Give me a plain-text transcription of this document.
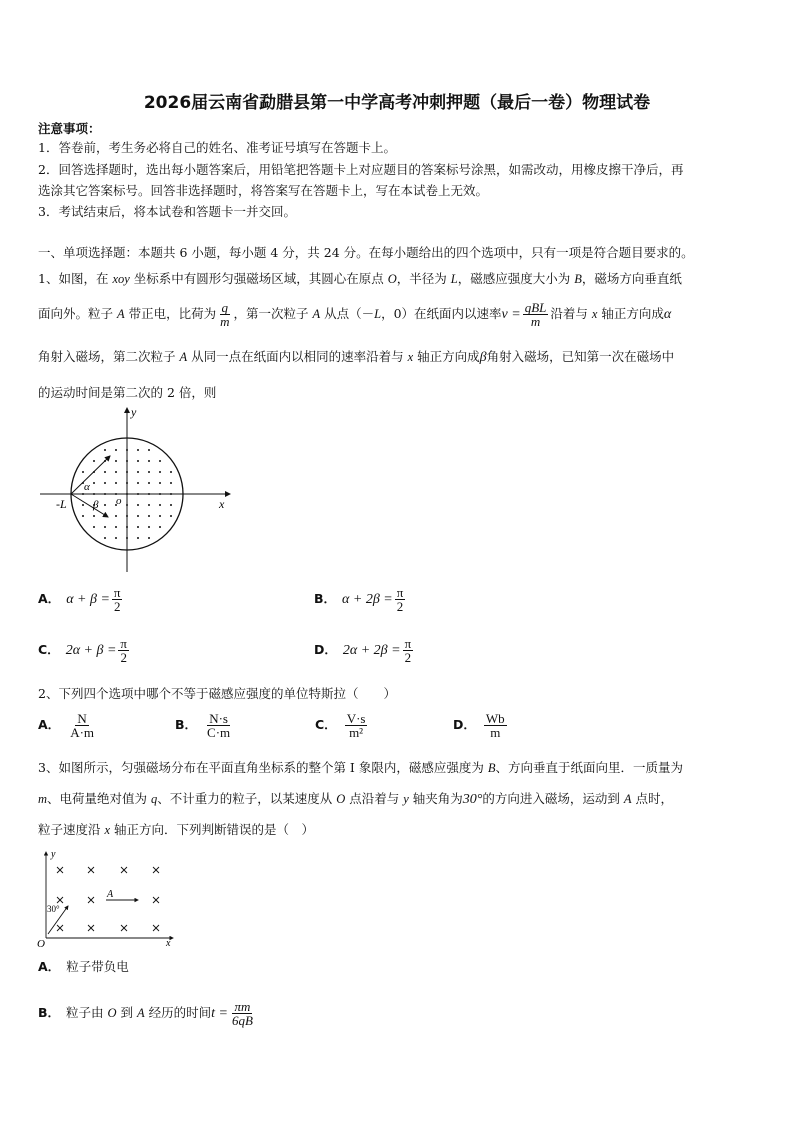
2026届云南省勐腊县第一中学高考冲刺押题（最后一卷）物理试卷
注意事项：
1．答卷前，考生务必将自己的姓名、准考证号填写在答题卡上。
2．回答选择题时，选出每小题答案后，用铅笔把答题卡上对应题目的答案标号涂黑，如需改动，用橡皮擦干净后，再
选涂其它答案标号。回答非选择题时，将答案写在答题卡上，写在本试卷上无效。
3．考试结束后，将本试卷和答题卡一并交回。
一、单项选择题：本题共 6 小题，每小题 4 分，共 24 分。在每小题给出的四个选项中，只有一项是符合题目要求的。
1、如图，在 xoy 坐标系中有圆形匀强磁场区域，其圆心在原点 O，半径为 L，磁感应强度大小为 B，磁场方向垂直纸
面向外。粒子 A 带正电，比荷为 $\frac{q}{m}$ ，第一次粒子 A 从点（－L，0）在纸面内以速率$v = \frac{\text{qBL}}{m}$ 沿着与 x 轴正方向成α
角射入磁场，第二次粒子 A 从同一点在纸面内以相同的速率沿着与 x 轴正方向成β角射入磁场，已知第一次在磁场中
的运动时间是第二次的 2 倍，则
x
y
-L	o
α
β
A． $\alpha + \beta = \frac{\pi}{2}$	B． $\alpha + 2\beta = \frac{\pi}{2}$
C． $2\alpha + \beta = \frac{\pi}{2}$	D． $2\alpha + 2\beta = \frac{\pi}{2}$
2、下列四个选项中哪个不等于磁感应强度的单位特斯拉（　　）
A． $\frac{N}{A\cdot m}$	B． $\frac{N\cdot s}{C\cdot m}$	C． $\frac{V\cdot s}{\text{m²}}$	D． $\frac{Wb}{m}$
3、如图所示，匀强磁场分布在平面直角坐标系的整个第 I 象限内，磁感应强度为 B、方向垂直于纸面向里．一质量为
m、电荷量绝对值为 q、不计重力的粒子，以某速度从 O 点沿着与 y 轴夹角为30°的方向进入磁场，运动到 A 点时，
粒子速度沿 x 轴正方向．下列判断错误的是（　）
y
x
O
A
30°
A． 粒子带负电
B． 粒子由 O 到 A 经历的时间$t = \frac{\pi m}{6qB}$
